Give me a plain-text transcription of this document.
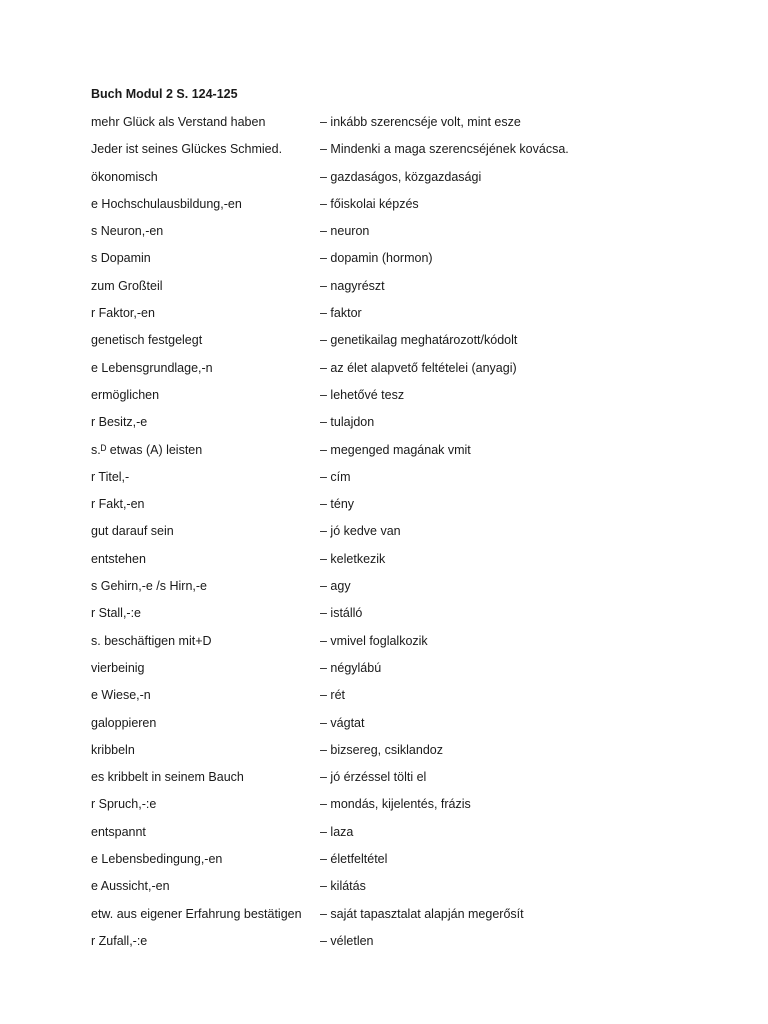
Buch Modul 2 S. 124-125
mehr Glück als Verstand haben	– inkább szerencséje volt, mint esze
Jeder ist seines Glückes Schmied.	– Mindenki a maga szerencséjének kovácsa.
ökonomisch	– gazdaságos, közgazdasági
e Hochschulausbildung,-en	– főiskolai képzés
s Neuron,-en	– neuron
s Dopamin	– dopamin (hormon)
zum Großteil	– nagyrészt
r Faktor,-en	– faktor
genetisch festgelegt	– genetikailag meghatározott/kódolt
e Lebensgrundlage,-n	– az élet alapvető feltételei (anyagi)
ermöglichen	– lehetővé tesz
r Besitz,-e	– tulajdon
s.ᴰ etwas (A) leisten	– megenged magának vmit
r Titel,-	– cím
r Fakt,-en	– tény
gut darauf sein	– jó kedve van
entstehen	– keletkezik
s Gehirn,-e /s Hirn,-e	– agy
r Stall,-:e	– istálló
s. beschäftigen mit+D	– vmivel foglalkozik
vierbeinig	– négylábú
e Wiese,-n	– rét
galoppieren	– vágtat
kribbeln	– bizsereg, csiklandoz
es kribbelt in seinem Bauch	– jó érzéssel tölti el
r Spruch,-:e	– mondás, kijelentés, frázis
entspannt	– laza
e Lebensbedingung,-en	– életfeltétel
e Aussicht,-en	– kilátás
etw. aus eigener Erfahrung bestätigen – saját tapasztalat alapján megerősít
r Zufall,-:e	– véletlen
